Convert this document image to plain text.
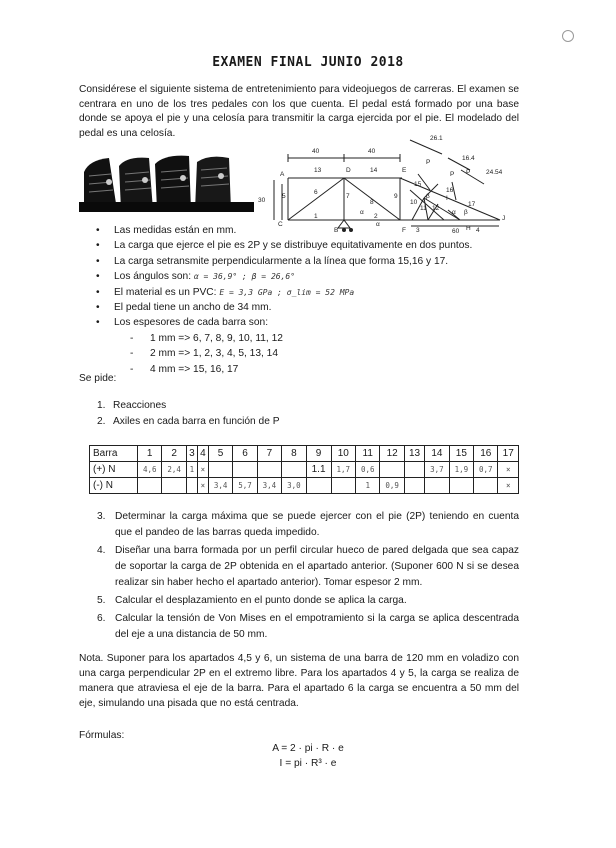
EXAMEN FINAL JUNIO 2018
Considérese el siguiente sistema de entretenimiento para videojuegos de carreras. El examen se centrara en uno de los tres pedales con los que cuenta. El pedal está formado por una base donde se apoya el pie y una celosía para transmitir la carga ejercida por el pie. El modelado del pedal es una celosía.
40	40
30
60
26.1
16.4
24.54
A
D	E
C
B	F	H
J
P
P P
I
13	14
1	2
3	4
5
6
7
8
9
10
11 12
15
16
17
α
α
β
α β
• Las medidas están en mm.
• La carga que ejerce el pie es 2P y se distribuye equitativamente en dos puntos.
• La carga setransmite perpendicularmente a la línea que forma 15,16 y 17.
• Los ángulos son: α = 36,9° ; β = 26,6°
• El material es un PVC: E = 3,3 GPa ; σ_lim = 52 MPa
• El pedal tiene un ancho de 34 mm.
• Los espesores de cada barra son:
- 1 mm => 6, 7, 8, 9, 10, 11, 12
- 2 mm => 1, 2, 3, 4, 5, 13, 14
- 4 mm => 15, 16, 17
Se pide:
1. Reacciones
2. Axiles en cada barra en función de P
Barra	1	2	3	4	5	6	7	8	9	10	11	12	13	14	15	16	17
(+) N	4,6	2,4	1	×					1.1	1,7	0,6			3,7	1,9	0,7	×
(-) N				×	3,4	5,7	3,4	3,0			1	0,9					×
3. Determinar la carga máxima que se puede ejercer con el pie (2P) teniendo en cuenta que el pandeo de las barras queda impedido.
4. Diseñar una barra formada por un perfil circular hueco de pared delgada que sea capaz de soportar la carga de 2P obtenida en el apartado anterior. (Suponer 600 N si se desea realizar sin haber hecho el apartado anterior). Tomar espesor 2 mm.
5. Calcular el desplazamiento en el punto donde se aplica la carga.
6. Calcular la tensión de Von Mises en el empotramiento si la carga se aplica descentrada del eje a una distancia de 50 mm.
Nota. Suponer para los apartados 4,5 y 6, un sistema de una barra de 120 mm en voladizo con una carga perpendicular 2P en el extremo libre. Para los apartados 4 y 5, la carga se realiza de manera que atraviesa el eje de la barra. Para el apartado 6 la carga se encuentra a 50 mm del eje, simulando una pisada que no está centrada.
Fórmulas:
A = 2 · pi · R · e
I = pi · R³ · e
